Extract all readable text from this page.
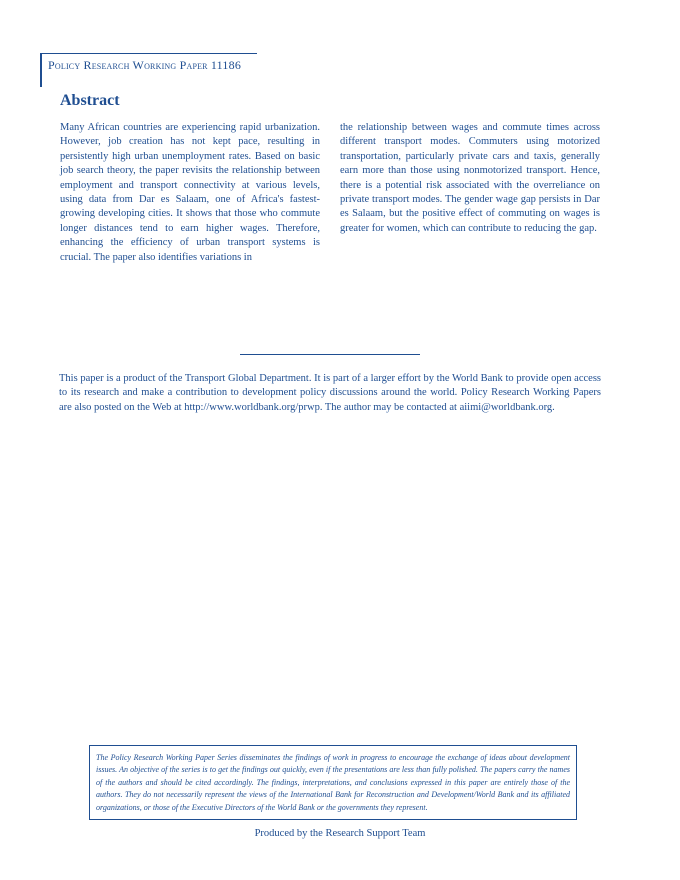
Policy Research Working Paper 11186
Abstract

Many African countries are experiencing rapid urbanization. However, job creation has not kept pace, resulting in persistently high urban unemployment rates. Based on basic job search theory, the paper revisits the relationship between employment and transport connectivity at various levels, using data from Dar es Salaam, one of Africa's fastest-growing developing cities. It shows that those who commute longer distances tend to earn higher wages. Therefore, enhancing the efficiency of urban transport systems is crucial. The paper also identifies variations in

the relationship between wages and commute times across different transport modes. Commuters using motorized transportation, particularly private cars and taxis, generally earn more than those using nonmotorized transport. Hence, there is a potential risk associated with the overreliance on private transport modes. The gender wage gap persists in Dar es Salaam, but the positive effect of commuting on wages is greater for women, which can contribute to reducing the gap.

This paper is a product of the Transport Global Department. It is part of a larger effort by the World Bank to provide open access to its research and make a contribution to development policy discussions around the world. Policy Research Working Papers are also posted on the Web at http://www.worldbank.org/prwp. The author may be contacted at aiimi@worldbank.org.

The Policy Research Working Paper Series disseminates the findings of work in progress to encourage the exchange of ideas about development issues. An objective of the series is to get the findings out quickly, even if the presentations are less than fully polished. The papers carry the names of the authors and should be cited accordingly. The findings, interpretations, and conclusions expressed in this paper are entirely those of the authors. They do not necessarily represent the views of the International Bank for Reconstruction and Development/World Bank and its affiliated organizations, or those of the Executive Directors of the World Bank or the governments they represent.

Produced by the Research Support Team
